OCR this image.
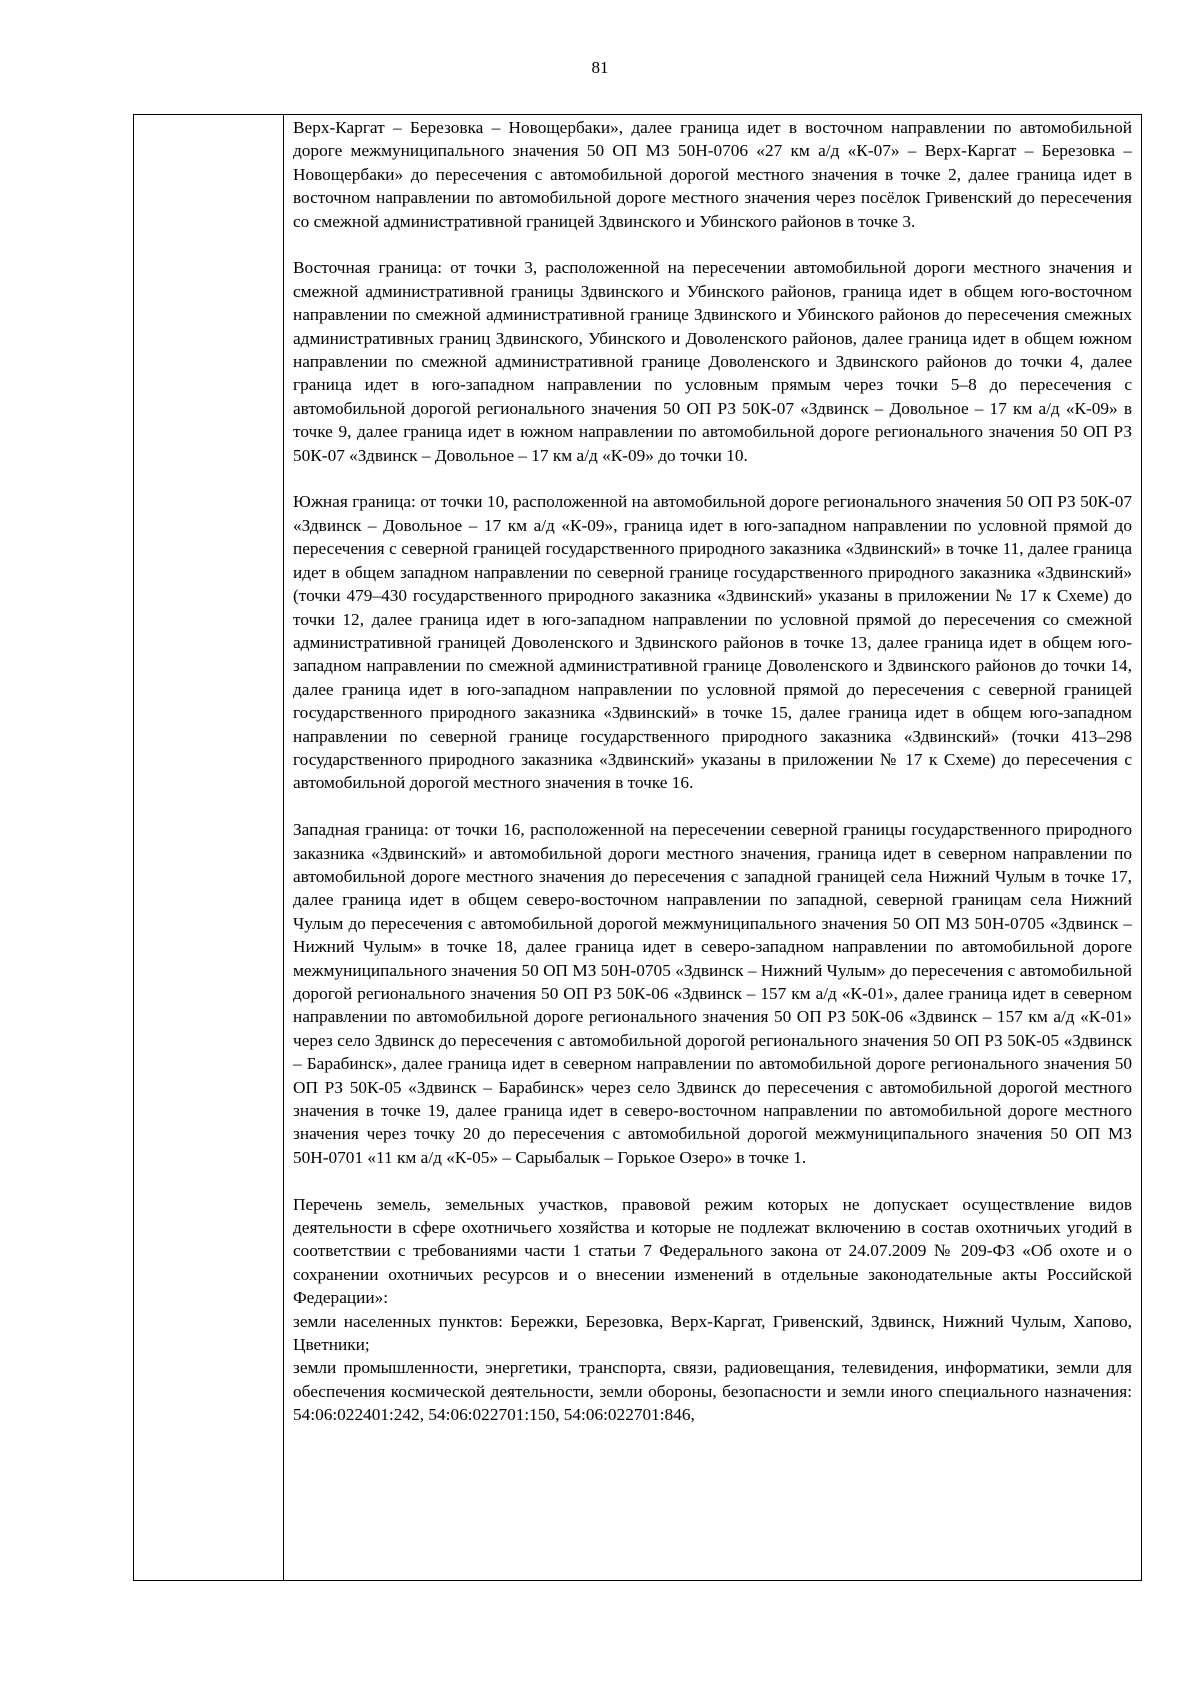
81

Верх-Каргат – Березовка – Новощербаки», далее граница идет в восточном направлении по автомобильной дороге межмуниципального значения 50 ОП МЗ 50Н-0706 «27 км а/д «К-07» – Верх-Каргат – Березовка – Новощербаки» до пересечения с автомобильной дорогой местного значения в точке 2, далее граница идет в восточном направлении по автомобильной дороге местного значения через посёлок Гривенский до пересечения со смежной административной границей Здвинского и Убинского районов в точке 3.

Восточная граница: от точки 3, расположенной на пересечении автомобильной дороги местного значения и смежной административной границы Здвинского и Убинского районов, граница идет в общем юго-восточном направлении по смежной административной границе Здвинского и Убинского районов до пересечения смежных административных границ Здвинского, Убинского и Доволенского районов, далее граница идет в общем южном направлении по смежной административной границе Доволенского и Здвинского районов до точки 4, далее граница идет в юго-западном направлении по условным прямым через точки 5–8 до пересечения с автомобильной дорогой регионального значения 50 ОП РЗ 50К-07 «Здвинск – Довольное – 17 км а/д «К-09» в точке 9, далее граница идет в южном направлении по автомобильной дороге регионального значения 50 ОП РЗ 50К-07 «Здвинск – Довольное – 17 км а/д «К-09» до точки 10.

Южная граница: от точки 10, расположенной на автомобильной дороге регионального значения 50 ОП РЗ 50К-07 «Здвинск – Довольное – 17 км а/д «К-09», граница идет в юго-западном направлении по условной прямой до пересечения с северной границей государственного природного заказника «Здвинский» в точке 11, далее граница идет в общем западном направлении по северной границе государственного природного заказника «Здвинский» (точки 479–430 государственного природного заказника «Здвинский» указаны в приложении № 17 к Схеме) до точки 12, далее граница идет в юго-западном направлении по условной прямой до пересечения со смежной административной границей Доволенского и Здвинского районов в точке 13, далее граница идет в общем юго-западном направлении по смежной административной границе Доволенского и Здвинского районов до точки 14, далее граница идет в юго-западном направлении по условной прямой до пересечения с северной границей государственного природного заказника «Здвинский» в точке 15, далее граница идет в общем юго-западном направлении по северной границе государственного природного заказника «Здвинский» (точки 413–298 государственного природного заказника «Здвинский» указаны в приложении № 17 к Схеме) до пересечения с автомобильной дорогой местного значения в точке 16.

Западная граница: от точки 16, расположенной на пересечении северной границы государственного природного заказника «Здвинский» и автомобильной дороги местного значения, граница идет в северном направлении по автомобильной дороге местного значения до пересечения с западной границей села Нижний Чулым в точке 17, далее граница идет в общем северо-восточном направлении по западной, северной границам села Нижний Чулым до пересечения с автомобильной дорогой межмуниципального значения 50 ОП МЗ 50Н-0705 «Здвинск – Нижний Чулым» в точке 18, далее граница идет в северо-западном направлении по автомобильной дороге межмуниципального значения 50 ОП МЗ 50Н-0705 «Здвинск – Нижний Чулым» до пересечения с автомобильной дорогой регионального значения 50 ОП РЗ 50К-06 «Здвинск – 157 км а/д «К-01», далее граница идет в северном направлении по автомобильной дороге регионального значения 50 ОП РЗ 50К-06 «Здвинск – 157 км а/д «К-01» через село Здвинск до пересечения с автомобильной дорогой регионального значения 50 ОП РЗ 50К-05 «Здвинск – Барабинск», далее граница идет в северном направлении по автомобильной дороге регионального значения 50 ОП РЗ 50К-05 «Здвинск – Барабинск» через село Здвинск до пересечения с автомобильной дорогой местного значения в точке 19, далее граница идет в северо-восточном направлении по автомобильной дороге местного значения через точку 20 до пересечения с автомобильной дорогой межмуниципального значения 50 ОП МЗ 50Н-0701 «11 км а/д «К-05» – Сарыбалык – Горькое Озеро» в точке 1.

Перечень земель, земельных участков, правовой режим которых не допускает осуществление видов деятельности в сфере охотничьего хозяйства и которые не подлежат включению в состав охотничьих угодий в соответствии с требованиями части 1 статьи 7 Федерального закона от 24.07.2009 № 209-ФЗ «Об охоте и о сохранении охотничьих ресурсов и о внесении изменений в отдельные законодательные акты Российской Федерации»:

земли населенных пунктов: Бережки, Березовка, Верх-Каргат, Гривенский, Здвинск, Нижний Чулым, Хапово, Цветники;

земли промышленности, энергетики, транспорта, связи, радиовещания, телевидения, информатики, земли для обеспечения космической деятельности, земли обороны, безопасности и земли иного специального назначения: 54:06:022401:242, 54:06:022701:150, 54:06:022701:846,
